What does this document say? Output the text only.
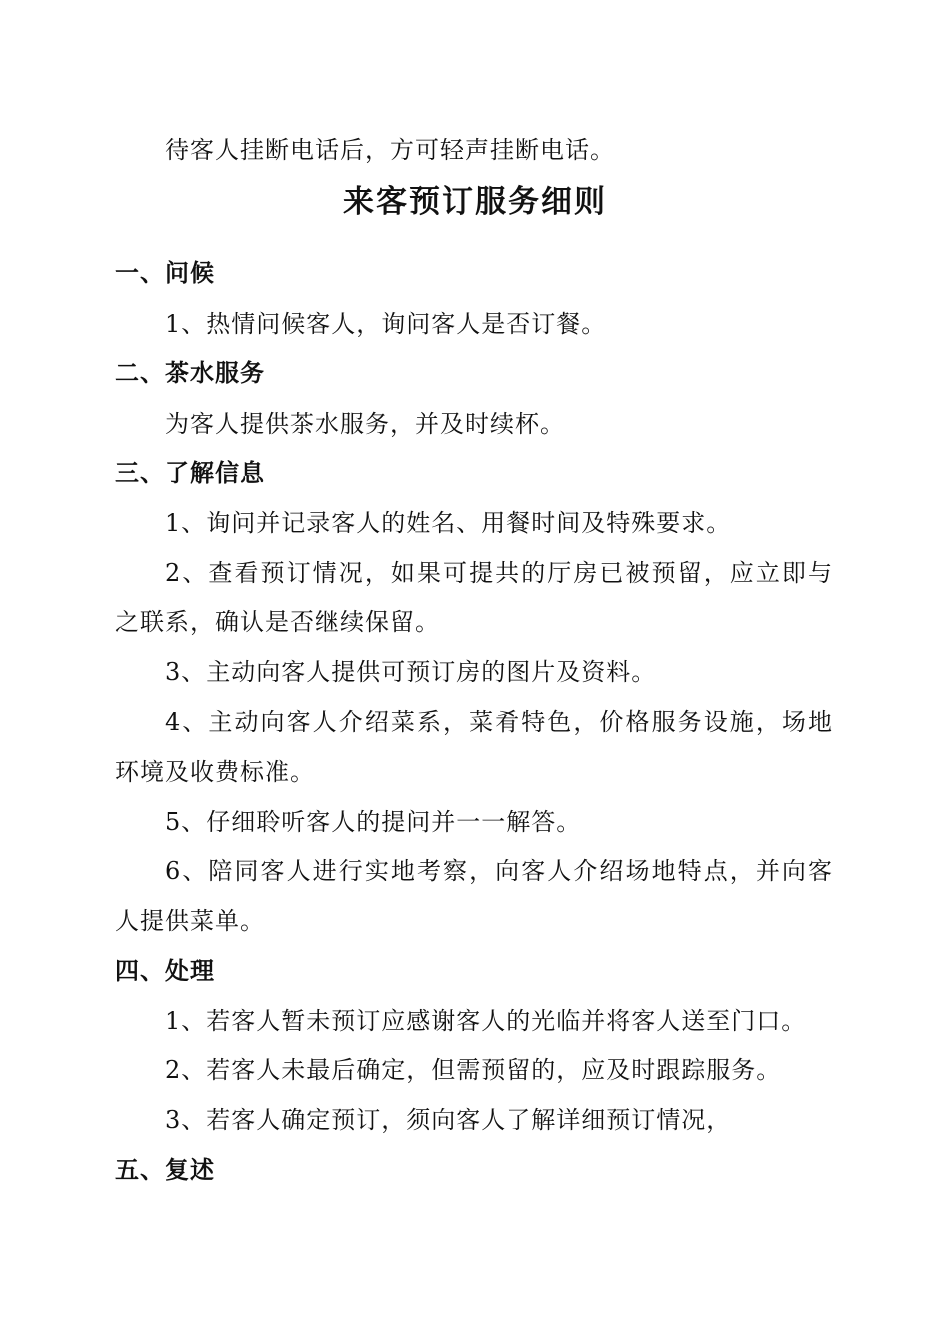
待客人挂断电话后，方可轻声挂断电话。

来客预订服务细则

一、问候

1、热情问候客人，询问客人是否订餐。

二、茶水服务

为客人提供茶水服务，并及时续杯。

三、了解信息

1、询问并记录客人的姓名、用餐时间及特殊要求。

2、查看预订情况，如果可提共的厅房已被预留，应立即与

之联系，确认是否继续保留。

3、主动向客人提供可预订房的图片及资料。

4、主动向客人介绍菜系，菜肴特色，价格服务设施，场地

环境及收费标准。

5、仔细聆听客人的提问并一一解答。

6、陪同客人进行实地考察，向客人介绍场地特点，并向客

人提供菜单。

四、处理

1、若客人暂未预订应感谢客人的光临并将客人送至门口。

2、若客人未最后确定，但需预留的，应及时跟踪服务。

3、若客人确定预订，须向客人了解详细预订情况，

五、复述
